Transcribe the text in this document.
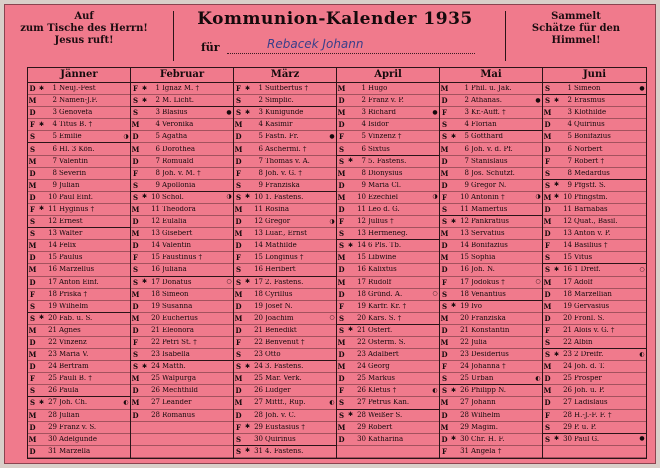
Auf
zum Tische des Herrn!
Jesus ruft!
Kommunion-Kalender 1935
für	Rebacek Johann
Sammelt
Schätze für den
Himmel!
Jänner
D ✱	1 Neuj.-Fest
M	2 Namen-J.F.
D	3 Genovefa
F ✱	4 Titus B. †
S	5 Emilie	◑
S	6 Hl. 3 Kön.
M	7 Valentin
D	8 Severin
M	9 Julian
D 10 Paul Einf.
F ✱ 11 Hyginus †
S 12 Ernest
S 13 Walter
M 14 Felix
D 15 Paulus
M 16 Marzellus
D 17 Anton Einf.
F 18 Priska †
S 19 Wilhelm
S ✱ 20 Fab. u. S.
M 21 Agnes
D 22 Vinzenz
M 23 Maria V.
D 24 Bertram
F 25 Pauli B. †
S 26 Paula
S ✱ 27 Joh. Ch.	◐
M 28 Julian
D 29 Franz v. S.
M 30 Adelgunde
D 31 Marzella
Februar
F ✱	1 Ignaz M. †
S ✱	2 M. Licht.
S	3 Blasius	●
M	4 Veronika
D	5 Agatha
M	6 Dorothea
D	7 Romuald
F	8 Joh. v. M. †
S	9 Apollonia
S ✱ 10 Schol.	◑
M 11 Theodora
D 12 Eulalia
M 13 Gisebert
D 14 Valentin
F 15 Faustinus †
S 16 Juliana
S ✱ 17 Donatus	○
M 18 Simeon
D 19 Susanna
M 20 Eucherius
D 21 Eleonora
F 22 Petri St. †
S 23 Isabella
S ✱ 24 Matth.
M 25 Walpurga
D 26 Mechthild
M 27 Leander
D 28 Romanus
März
F ✱	1 Suitbertus †
S	2 Simplic.
S ✱	3 Kunigunde
M	4 Kasimir
D	5 Fastn. Fr.	●
M	6 Aschermi. †
D	7 Thomas v. A.
F	8 Joh. v. G. †
S	9 Franziska
S ✱ 10 1. Fastens.
M 11 Rosina
D 12 Gregor	◑
M 13 Luar., Ernst
D 14 Mathilde
F 15 Longinus †
S 16 Heribert
S ✱ 17 2. Fastens.
M 18 Cyrillus
D 19 Josef N.
M 20 Joachim	○
D 21 Benedikt
F 22 Benvenut †
S 23 Otto
S ✱ 24 3. Fastens.
M 25 Mar. Verk.
D 26 Ludger
M 27 Mittf., Rup.	◐
D 28 Joh. v. C.
F ✱ 29 Eustasius †
S 30 Quirinus
S ✱ 31 4. Fastens.
April
M	1 Hugo
D	2 Franz v. P.
M	3 Richard	●
D	4 Isidor
F	5 Vinzenz †
S	6 Sixtus
S ✱	7 5. Fastens.
M	8 Dionysius
D	9 Maria Cl.
M 10 Ezechiel	◑
D 11 Leo d. G.
F 12 Julius †
S 13 Hermeneg.
S ✱ 14 6 Pls. Tb.
M 15 Libwine
D 16 Kalixtus
M 17 Rudolf
D 18 Gründ. A.	○
F 19 Karfr. Kr. †
S 20 Kars. S. †
S ✱ 21 Osterf.
M 22 Osterm. S.
D 23 Adalbert
M 24 Georg
D 25 Markus
F 26 Kletus †	◐
S 27 Petrus Kan.
S ✱ 28 Weißer S.
M 29 Robert
D 30 Katharina
Mai
M	1 Phil. u. Jak.
D	2 Athanas.	●
F	3 Kr.-Auff. †
S	4 Florian
S ✱	5 Gotthard
M	6 Joh. v. d. Pf.
D	7 Stanislaus
M	8 Jos. Schutzf.
D	9 Gregor N.
F 10 Antonin †	◑
S 11 Mamertus
S ✱ 12 Pankratius
M 13 Servatius
D 14 Bonifazius
M 15 Sophia
D 16 Joh. N.
F 17 Jodokus †	○
S 18 Venantius
S ✱ 19 Ivo
M 20 Franziska
D 21 Konstantin
M 22 Julia
D 23 Desiderius
F 24 Johanna †
S 25 Urban	◐
S ✱ 26 Philipp N.
M 27 Johann
D 28 Wilhelm
M 29 Magim.
D ✱ 30 Chr. H. F.
F 31 Angela †
Juni
S	1 Simeon	●
S ✱	2 Erasmus
M	3 Klothilde
D	4 Quirinus
M	5 Bonifazius
D	6 Norbert
F	7 Robert †
S	8 Medardus
S ✱	9 Pfgstf. S.
M ✱ 10 Pfingstm.
D 11 Barnabas
M 12 Quat., Basil.
D 13 Anton v. P.
F 14 Basilius †
S 15 Vitus
S ✱ 16 1 Dreif.	○
M 17 Adolf
D 18 Marzellian
M 19 Gervasius
D 20 Fronl. S.
F 21 Alois v. G. †
S 22 Albin
S ✱ 23 2 Dreifr.	◐
M 24 Joh. d. T.
D 25 Prosper
M 26 Joh. u. P.
D 27 Ladislaus
F 28 H.-J.-F. F. †
S 29 P. u. P.
S ✱ 30 Paul G.	●
